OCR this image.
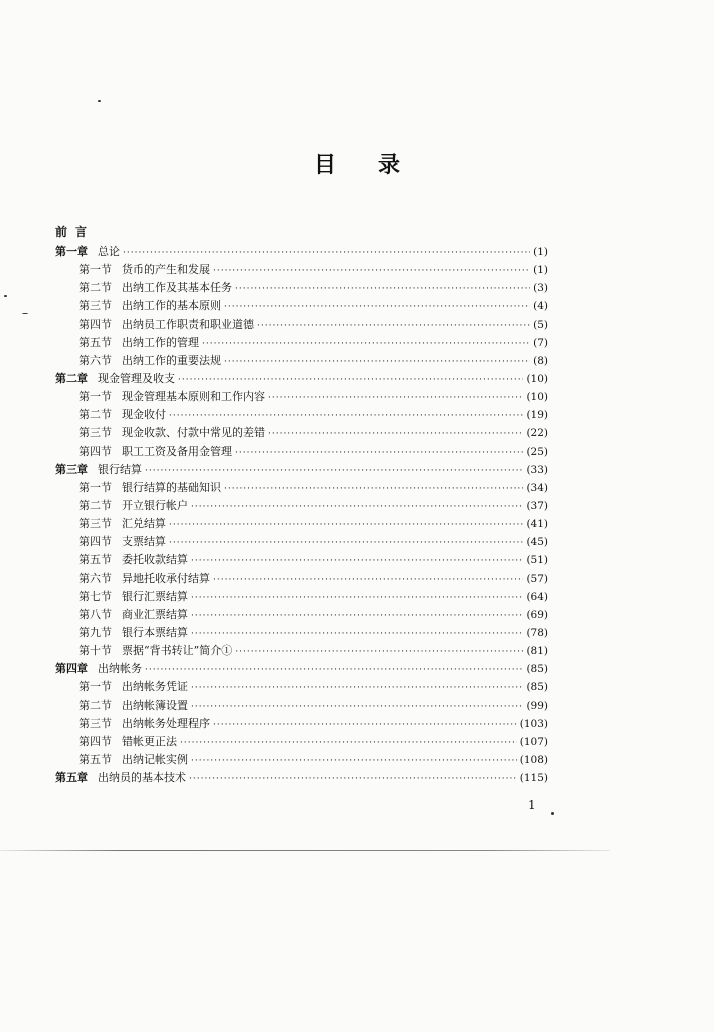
目 录
前 言
第一章 总论 ·····	(1)
第一节 货币的产生和发展 ·····	(1)
第二节 出纳工作及其基本任务 ·····	(3)
第三节 出纳工作的基本原则 ·····	(4)
第四节 出纳员工作职责和职业道德 ·····	(5)
第五节 出纳工作的管理 ·····	(7)
第六节 出纳工作的重要法规 ·····	(8)
第二章 现金管理及收支 ·····	(10)
第一节 现金管理基本原则和工作内容 ·····	(10)
第二节 现金收付 ·····	(19)
第三节 现金收款、付款中常见的差错 ·····	(22)
第四节 职工工资及备用金管理 ·····	(25)
第三章 银行结算 ·····	(33)
第一节 银行结算的基础知识 ·····	(34)
第二节 开立银行帐户 ·····	(37)
第三节 汇兑结算 ·····	(41)
第四节 支票结算 ·····	(45)
第五节 委托收款结算 ·····	(51)
第六节 异地托收承付结算 ·····	(57)
第七节 银行汇票结算 ·····	(64)
第八节 商业汇票结算 ·····	(69)
第九节 银行本票结算 ·····	(78)
第十节 票据“背书转让”简介① ·····	(81)
第四章 出纳帐务 ·····	(85)
第一节 出纳帐务凭证 ·····	(85)
第二节 出纳帐簿设置 ·····	(99)
第三节 出纳帐务处理程序 ·····	(103)
第四节 错帐更正法 ·····	(107)
第五节 出纳记帐实例 ·····	(108)
第五章 出纳员的基本技术 ·····	(115)
1
